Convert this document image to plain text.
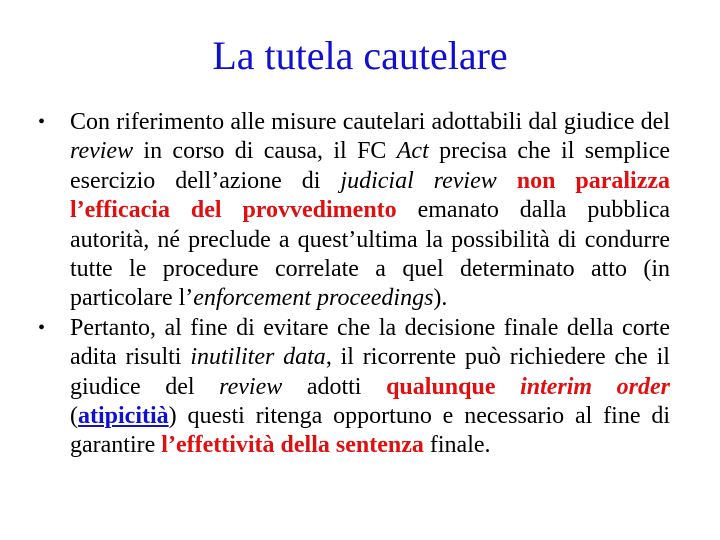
La tutela cautelare
• Con riferimento alle misure cautelari adottabili dal giudice del review in corso di causa, il FC Act precisa che il semplice esercizio dell’azione di judicial review non paralizza l’efficacia del provvedimento emanato dalla pubblica autorità, né preclude a quest’ultima la possibilità di condurre tutte le procedure correlate a quel determinato atto (in particolare l’enforcement proceedings).
• Pertanto, al fine di evitare che la decisione finale della corte adita risulti inutiliter data, il ricorrente può richiedere che il giudice del review adotti qualunque interim order (atipicitià) questi ritenga opportuno e necessario al fine di garantire l’effettività della sentenza finale.
